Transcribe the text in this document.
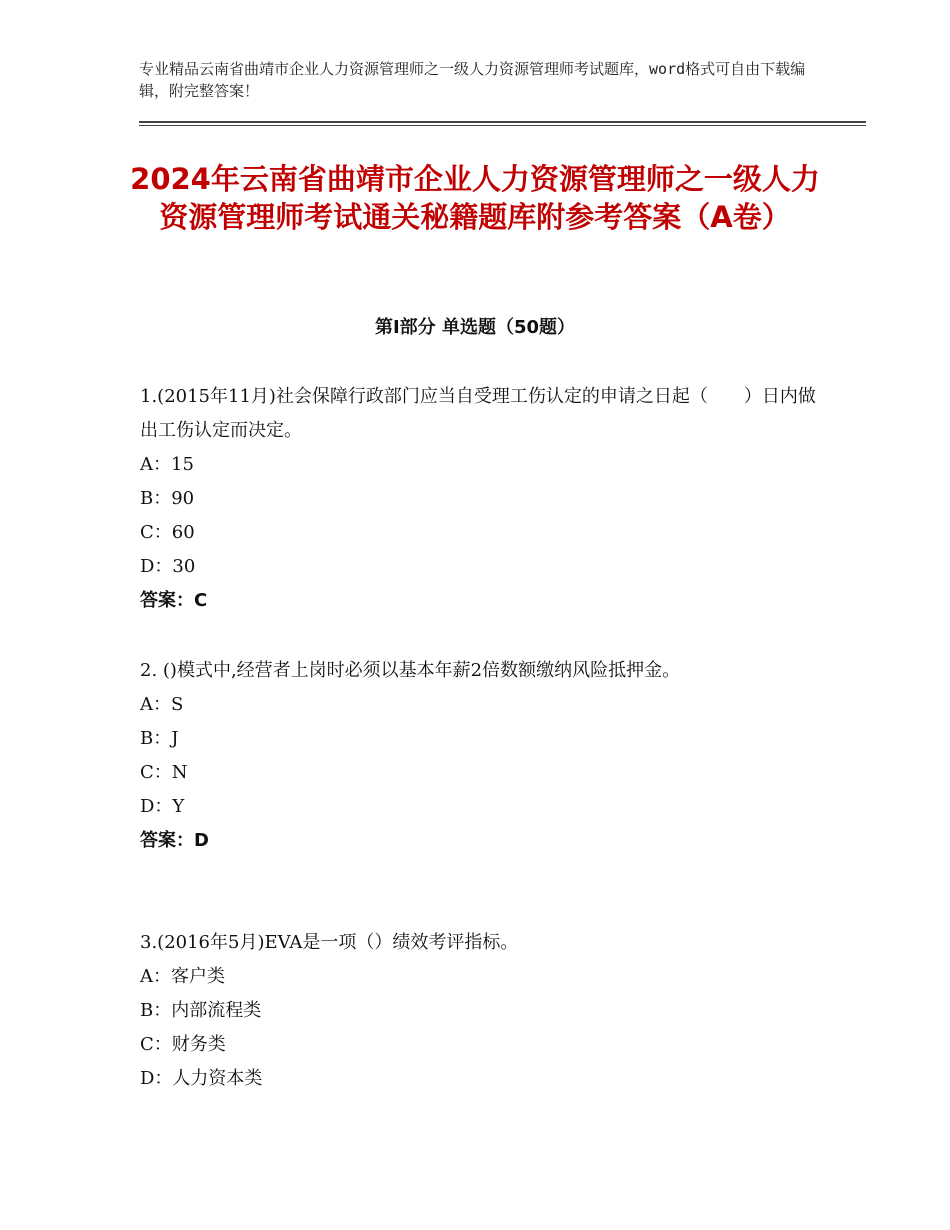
专业精品云南省曲靖市企业人力资源管理师之一级人力资源管理师考试题库，word格式可自由下载编辑，附完整答案！
2024年云南省曲靖市企业人力资源管理师之一级人力资源管理师考试通关秘籍题库附参考答案（A卷）
第Ⅰ部分 单选题（50题）

1.(2015年11月)社会保障行政部门应当自受理工伤认定的申请之日起（　　）日内做出工伤认定而决定。

A：15

B：90

C：60

D：30

答案：C

2. ()模式中,经营者上岗时必须以基本年薪2倍数额缴纳风险抵押金。

A：S

B：J

C：N

D：Y

答案：D

3.(2016年5月)EVA是一项（）绩效考评指标。

A：客户类

B：内部流程类

C：财务类

D：人力资本类
